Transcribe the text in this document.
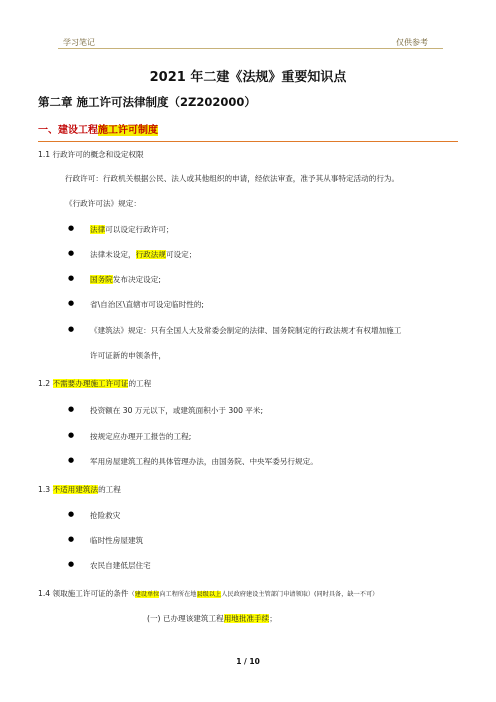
学习笔记	仅供参考
2021 年二建《法规》重要知识点
第二章 施工许可法律制度（2Z202000）
一、建设工程施工许可制度
1.1 行政许可的概念和设定权限
行政许可：行政机关根据公民、法人或其他组织的申请，经依法审查，准予其从事特定活动的行为。
《行政许可法》规定：
● 法律可以设定行政许可；
● 法律未设定，行政法规可设定；
● 国务院发布决定设定;
● 省\自治区\直辖市可设定临时性的;
● 《建筑法》规定：只有全国人大及常委会制定的法律、国务院制定的行政法规才有权增加施工
许可证新的申领条件，
1.2 不需要办理施工许可证的工程
● 投资额在 30 万元以下，或建筑面积小于 300 平米;
● 按规定应办理开工报告的工程;
● 军用房屋建筑工程的具体管理办法，由国务院、中央军委另行规定。
1.3 不适用建筑法的工程
● 抢险救灾
● 临时性房屋建筑
● 农民自建低层住宅
1.4 领取施工许可证的条件（建设单位向工程所在地县级以上人民政府建设主管部门申请领取）(同时具备，缺一不可）
(一) 已办理该建筑工程用地批准手续；
1 / 10
